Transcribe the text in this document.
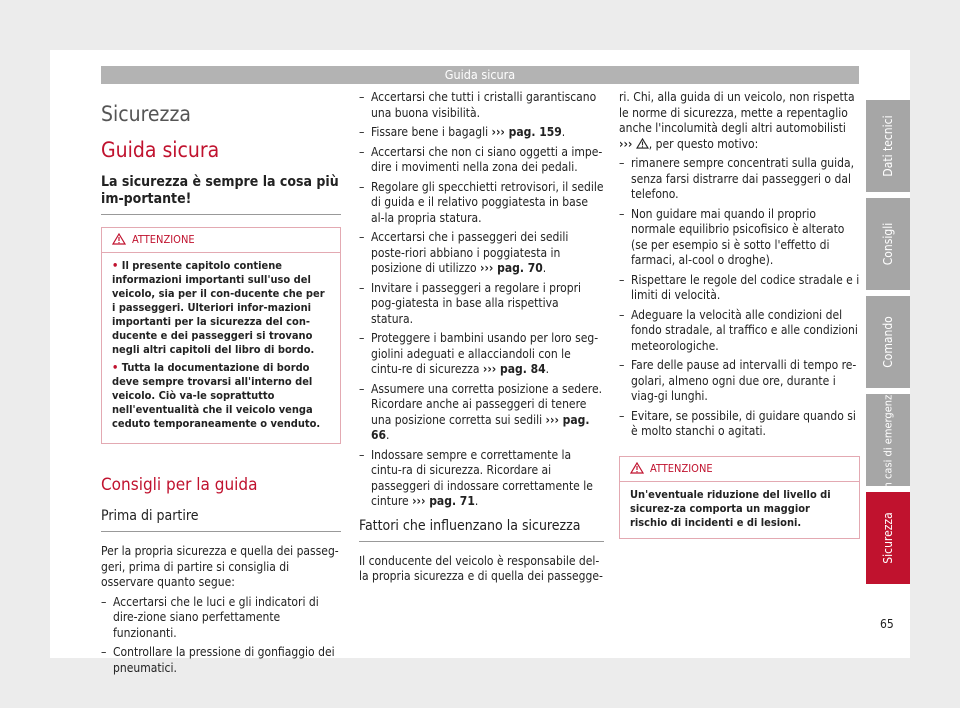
Guida sicura
Sicurezza
Guida sicura
La sicurezza è sempre la cosa più im-portante!
ATTENZIONE
• Il presente capitolo contiene informazioni importanti sull'uso del veicolo, sia per il con-ducente che per i passeggeri. Ulteriori infor-mazioni importanti per la sicurezza del con-ducente e dei passeggeri si trovano negli altri capitoli del libro di bordo.
• Tutta la documentazione di bordo deve sempre trovarsi all'interno del veicolo. Ciò va-le soprattutto nell'eventualità che il veicolo venga ceduto temporaneamente o venduto.
Consigli per la guida
Prima di partire
Per la propria sicurezza e quella dei passeg-geri, prima di partire si consiglia di osservare quanto segue:
– Accertarsi che le luci e gli indicatori di dire-zione siano perfettamente funzionanti.
– Controllare la pressione di gonfiaggio dei pneumatici.
– Accertarsi che tutti i cristalli garantiscano una buona visibilità.
– Fissare bene i bagagli ››› pag. 159.
– Accertarsi che non ci siano oggetti a impe-dire i movimenti nella zona dei pedali.
– Regolare gli specchietti retrovisori, il sedile di guida e il relativo poggiatesta in base al-la propria statura.
– Accertarsi che i passeggeri dei sedili poste-riori abbiano i poggiatesta in posizione di utilizzo ››› pag. 70.
– Invitare i passeggeri a regolare i propri pog-giatesta in base alla rispettiva statura.
– Proteggere i bambini usando per loro seg-giolini adeguati e allacciandoli con le cintu-re di sicurezza ››› pag. 84.
– Assumere una corretta posizione a sedere. Ricordare anche ai passeggeri di tenere una posizione corretta sui sedili ››› pag. 66.
– Indossare sempre e correttamente la cintu-ra di sicurezza. Ricordare ai passeggeri di indossare correttamente le cinture ››› pag. 71.
Fattori che influenzano la sicurezza
Il conducente del veicolo è responsabile del-la propria sicurezza e di quella dei passegge-
ri. Chi, alla guida di un veicolo, non rispetta le norme di sicurezza, mette a repentaglio anche l'incolumità degli altri automobilisti ››› , per questo motivo:
– rimanere sempre concentrati sulla guida, senza farsi distrarre dai passeggeri o dal telefono.
– Non guidare mai quando il proprio normale equilibrio psicofisico è alterato (se per esempio si è sotto l'effetto di farmaci, al-cool o droghe).
– Rispettare le regole del codice stradale e i limiti di velocità.
– Adeguare la velocità alle condizioni del fondo stradale, al traffico e alle condizioni meteorologiche.
– Fare delle pause ad intervalli di tempo re-golari, almeno ogni due ore, durante i viag-gi lunghi.
– Evitare, se possibile, di guidare quando si è molto stanchi o agitati.
ATTENZIONE
Un'eventuale riduzione del livello di sicurez-za comporta un maggior rischio di incidenti e di lesioni.
Dati tecnici
Consigli
Comando
In casi di emergenza
Sicurezza
65
